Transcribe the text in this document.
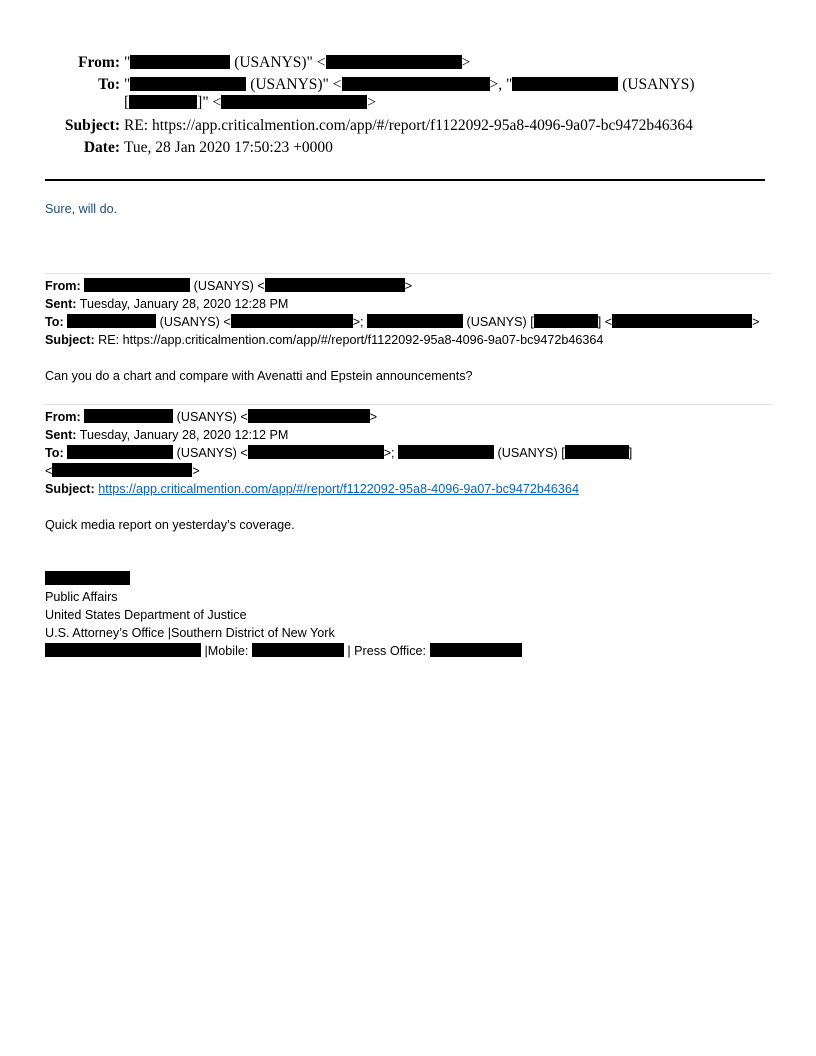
From: "	(USANYS)" <	>
To: "	(USANYS)" <	>, "	(USANYS)
[	]" <	>
Subject: RE: https://app.criticalmention.com/app/#/report/f1122092-95a8-4096-9a07-bc9472b46364
Date: Tue, 28 Jan 2020 17:50:23 +0000
Sure, will do.
From:	(USANYS) <	>
Sent: Tuesday, January 28, 2020 12:28 PM
To:	(USANYS) <	>;	(USANYS) [	] <	>
Subject: RE: https://app.criticalmention.com/app/#/report/f1122092-95a8-4096-9a07-bc9472b46364
Can you do a chart and compare with Avenatti and Epstein announcements?
From:	(USANYS) <	>
Sent: Tuesday, January 28, 2020 12:12 PM
To:	(USANYS) <	>;	(USANYS) [	]
<	>
Subject: https://app.criticalmention.com/app/#/report/f1122092-95a8-4096-9a07-bc9472b46364
Quick media report on yesterday’s coverage.
Public Affairs
United States Department of Justice
U.S. Attorney’s Office |Southern District of New York
|Mobile:	| Press Office:
